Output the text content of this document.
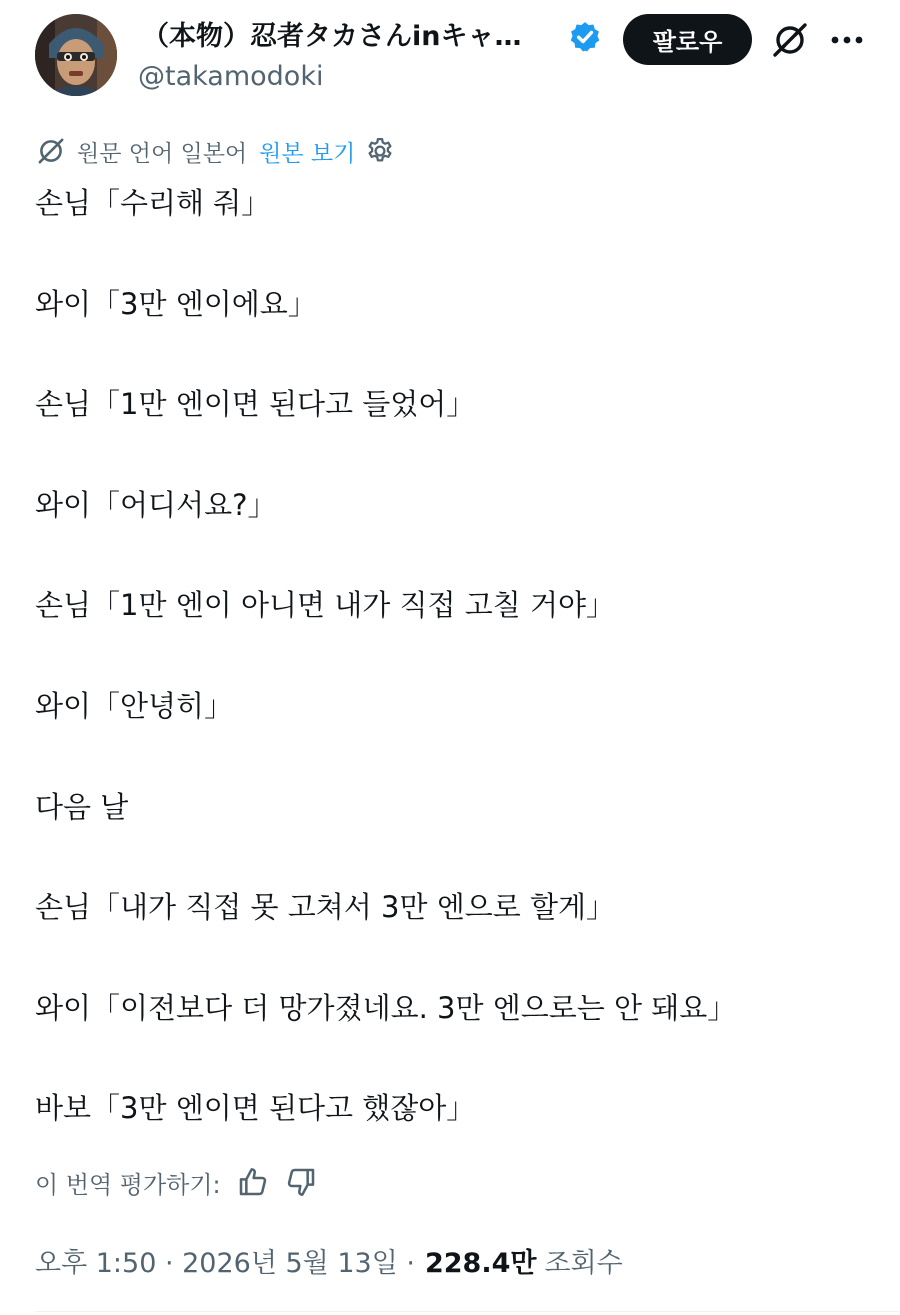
（本物）忍者タカさんinキャ…
@takamodoki
팔로우
원문 언어 일본어 원본 보기
손님「수리해 줘」
와이「3만 엔이에요」
손님「1만 엔이면 된다고 들었어」
와이「어디서요?」
손님「1만 엔이 아니면 내가 직접 고칠 거야」
와이「안녕히」
다음 날
손님「내가 직접 못 고쳐서 3만 엔으로 할게」
와이「이전보다 더 망가졌네요. 3만 엔으로는 안 돼요」
바보「3만 엔이면 된다고 했잖아」
이 번역 평가하기:
오후 1:50 · 2026년 5월 13일 · 228.4만 조회수
